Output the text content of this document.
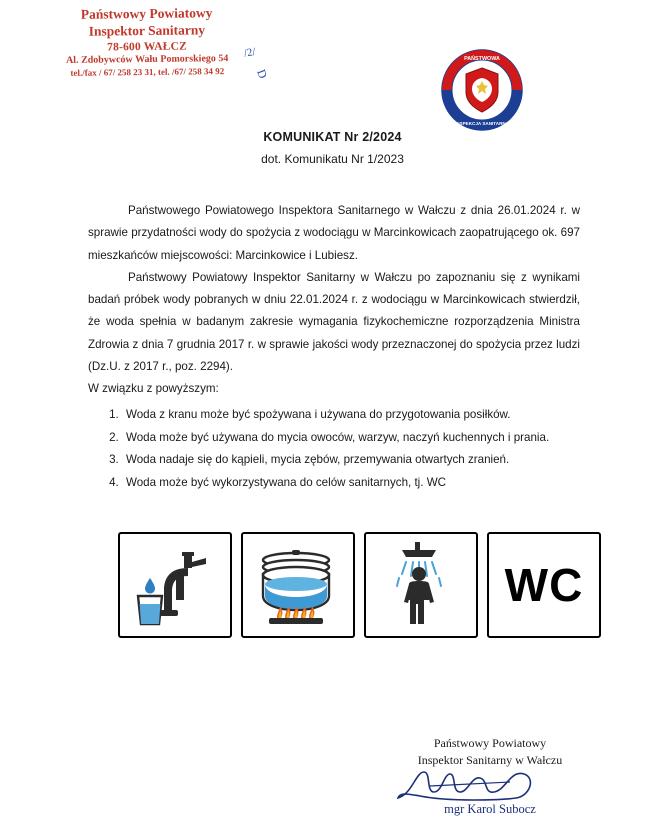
Państwowy Powiatowy
Inspektor Sanitarny
78-600 WAŁCZ
Al. Zdobywców Wału Pomorskiego 54
tel./fax / 67/ 258 23 31, tel. /67/ 258 34 92
/2/
D
PAŃSTWOWA
INSPEKCJA SANITARNA
KOMUNIKAT Nr 2/2024
dot. Komunikatu Nr 1/2023

Państwowego Powiatowego Inspektora Sanitarnego w Wałczu z dnia 26.01.2024 r. w sprawie przydatności wody do spożycia z wodociągu w Marcinkowicach zaopatrującego ok. 697 mieszkańców miejscowości: Marcinkowice i Lubiesz.

Państwowy Powiatowy Inspektor Sanitarny w Wałczu po zapoznaniu się z wynikami badań próbek wody pobranych w dniu 22.01.2024 r. z wodociągu w Marcinkowicach stwierdził, że woda spełnia w badanym zakresie wymagania fizykochemiczne rozporządzenia Ministra Zdrowia z dnia 7 grudnia 2017 r. w sprawie jakości wody przeznaczonej do spożycia przez ludzi (Dz.U. z 2017 r., poz. 2294).

W związku z powyższym:
1. Woda z kranu może być spożywana i używana do przygotowania posiłków.
2. Woda może być używana do mycia owoców, warzyw, naczyń kuchennych i prania.
3. Woda nadaje się do kąpieli, mycia zębów, przemywania otwartych zranień.
4. Woda może być wykorzystywana do celów sanitarnych, tj. WC
WC
Państwowy Powiatowy
Inspektor Sanitarny w Wałczu
mgr Karol Subocz
